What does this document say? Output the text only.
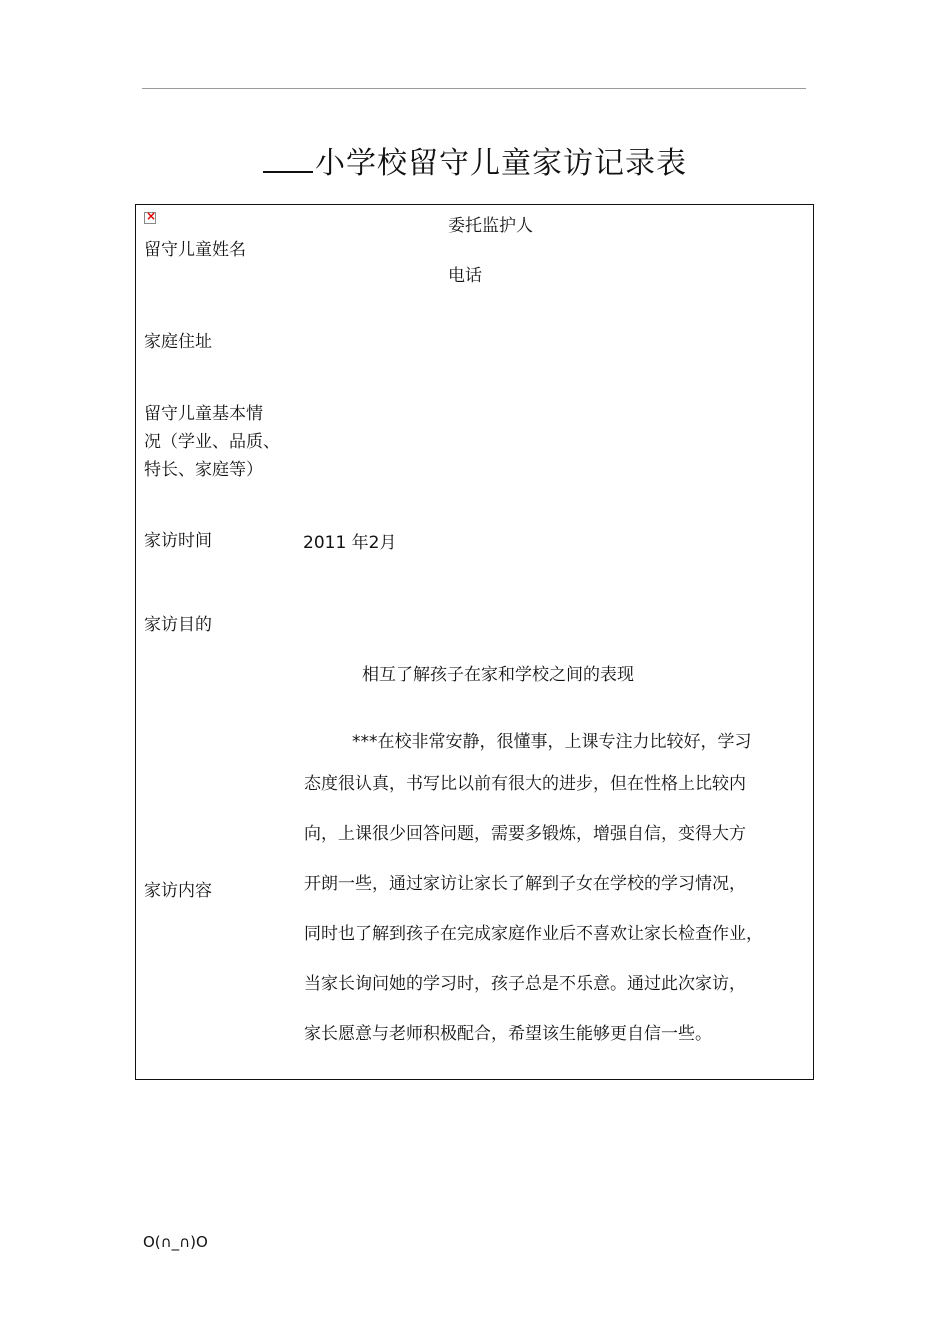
小学校留守儿童家访记录表
×
留守儿童姓名
委托监护人
电话
家庭住址
留守儿童基本情
况（学业、品质、
特长、家庭等）
家访时间	2011 年2月
家访目的
相互了解孩子在家和学校之间的表现
家访内容
***在校非常安静，很懂事，上课专注力比较好，学习
态度很认真，书写比以前有很大的进步，但在性格上比较内
向，上课很少回答问题，需要多锻炼，增强自信，变得大方
开朗一些，通过家访让家长了解到子女在学校的学习情况，
同时也了解到孩子在完成家庭作业后不喜欢让家长检查作业，
当家长询问她的学习时，孩子总是不乐意。通过此次家访，
家长愿意与老师积极配合，希望该生能够更自信一些。
O(∩_∩)O
